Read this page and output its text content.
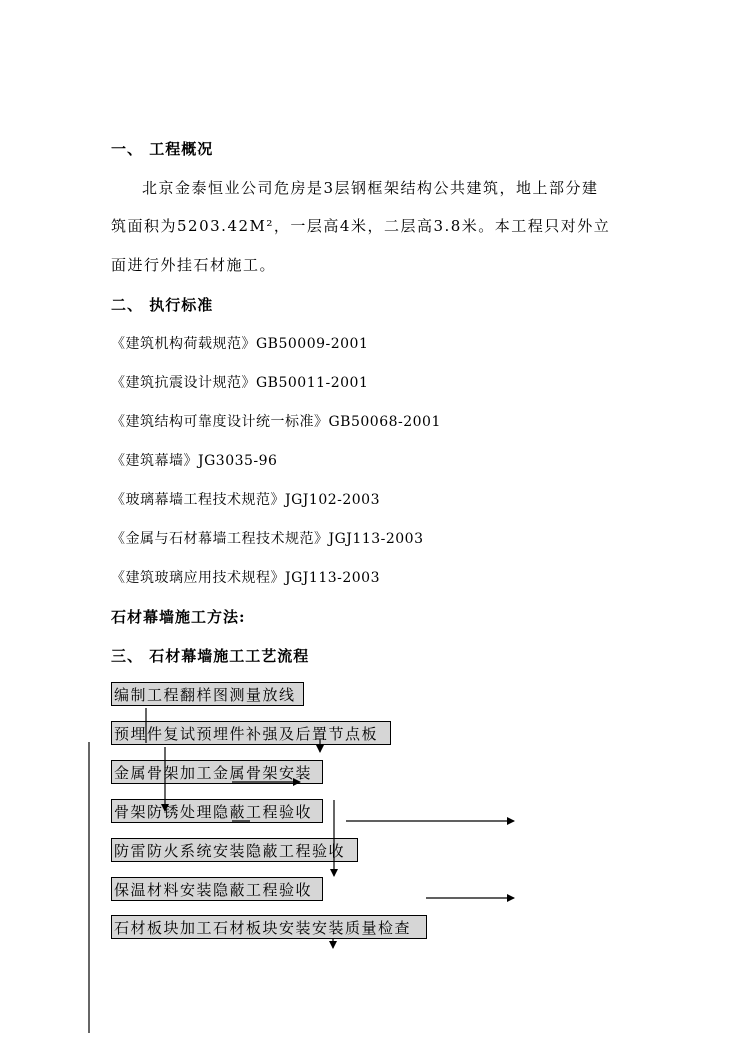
一、 工程概况
北京金泰恒业公司危房是3层钢框架结构公共建筑，地上部分建
筑面积为5203.42M²，一层高4米，二层高3.8米。本工程只对外立
面进行外挂石材施工。
二、 执行标准
《建筑机构荷载规范》GB50009-2001
《建筑抗震设计规范》GB50011-2001
《建筑结构可靠度设计统一标准》GB50068-2001
《建筑幕墙》JG3035-96
《玻璃幕墙工程技术规范》JGJ102-2003
《金属与石材幕墙工程技术规范》JGJ113-2003
《建筑玻璃应用技术规程》JGJ113-2003
石材幕墙施工方法:
三、 石材幕墙施工工艺流程
编制工程翻样图测量放线
预埋件复试预埋件补强及后置节点板
金属骨架加工金属骨架安装
骨架防锈处理隐蔽工程验收
防雷防火系统安装隐蔽工程验收
保温材料安装隐蔽工程验收
石材板块加工石材板块安装安装质量检查
